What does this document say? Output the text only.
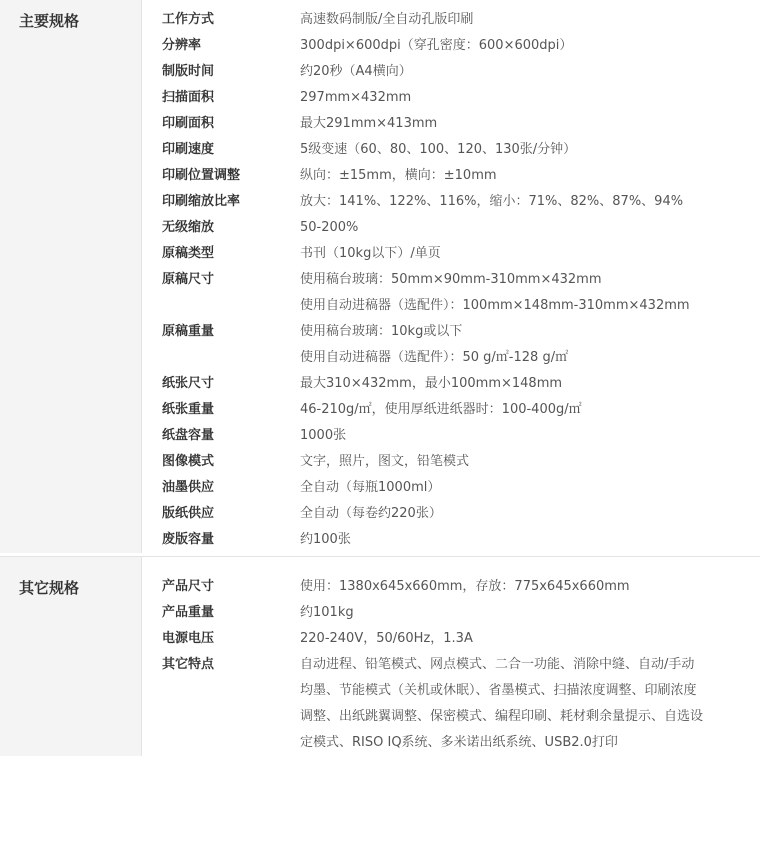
主要规格	工作方式	高速数码制版/全自动孔版印刷
分辨率	300dpi×600dpi（穿孔密度：600×600dpi）
制版时间	约20秒（A4横向）
扫描面积	297mm×432mm
印刷面积	最大291mm×413mm
印刷速度	5级变速（60、80、100、120、130张/分钟）
印刷位置调整	纵向：±15mm，横向：±10mm
印刷缩放比率	放大：141%、122%、116%，缩小：71%、82%、87%、94%
无级缩放	50-200%
原稿类型	书刊（10kg以下）/单页
原稿尺寸	使用稿台玻璃：50mm×90mm-310mm×432mm
使用自动进稿器（选配件）：100mm×148mm-310mm×432mm
原稿重量	使用稿台玻璃：10kg或以下
使用自动进稿器（选配件）：50 g/㎡-128 g/㎡
纸张尺寸	最大310×432mm，最小100mm×148mm
纸张重量	46-210g/㎡，使用厚纸进纸器时：100-400g/㎡
纸盘容量	1000张
图像模式	文字，照片，图文，铅笔模式
油墨供应	全自动（每瓶1000ml）
版纸供应	全自动（每卷约220张）
废版容量	约100张
其它规格	产品尺寸	使用：1380x645x660mm，存放：775x645x660mm
产品重量	约101kg
电源电压	220-240V，50/60Hz，1.3A
其它特点	自动进程、铅笔模式、网点模式、二合一功能、消除中缝、自动/手动
均墨、节能模式（关机或休眠）、省墨模式、扫描浓度调整、印刷浓度
调整、出纸跳翼调整、保密模式、编程印刷、耗材剩余量提示、自选设
定模式、RISO IQ系统、多米诺出纸系统、USB2.0打印
